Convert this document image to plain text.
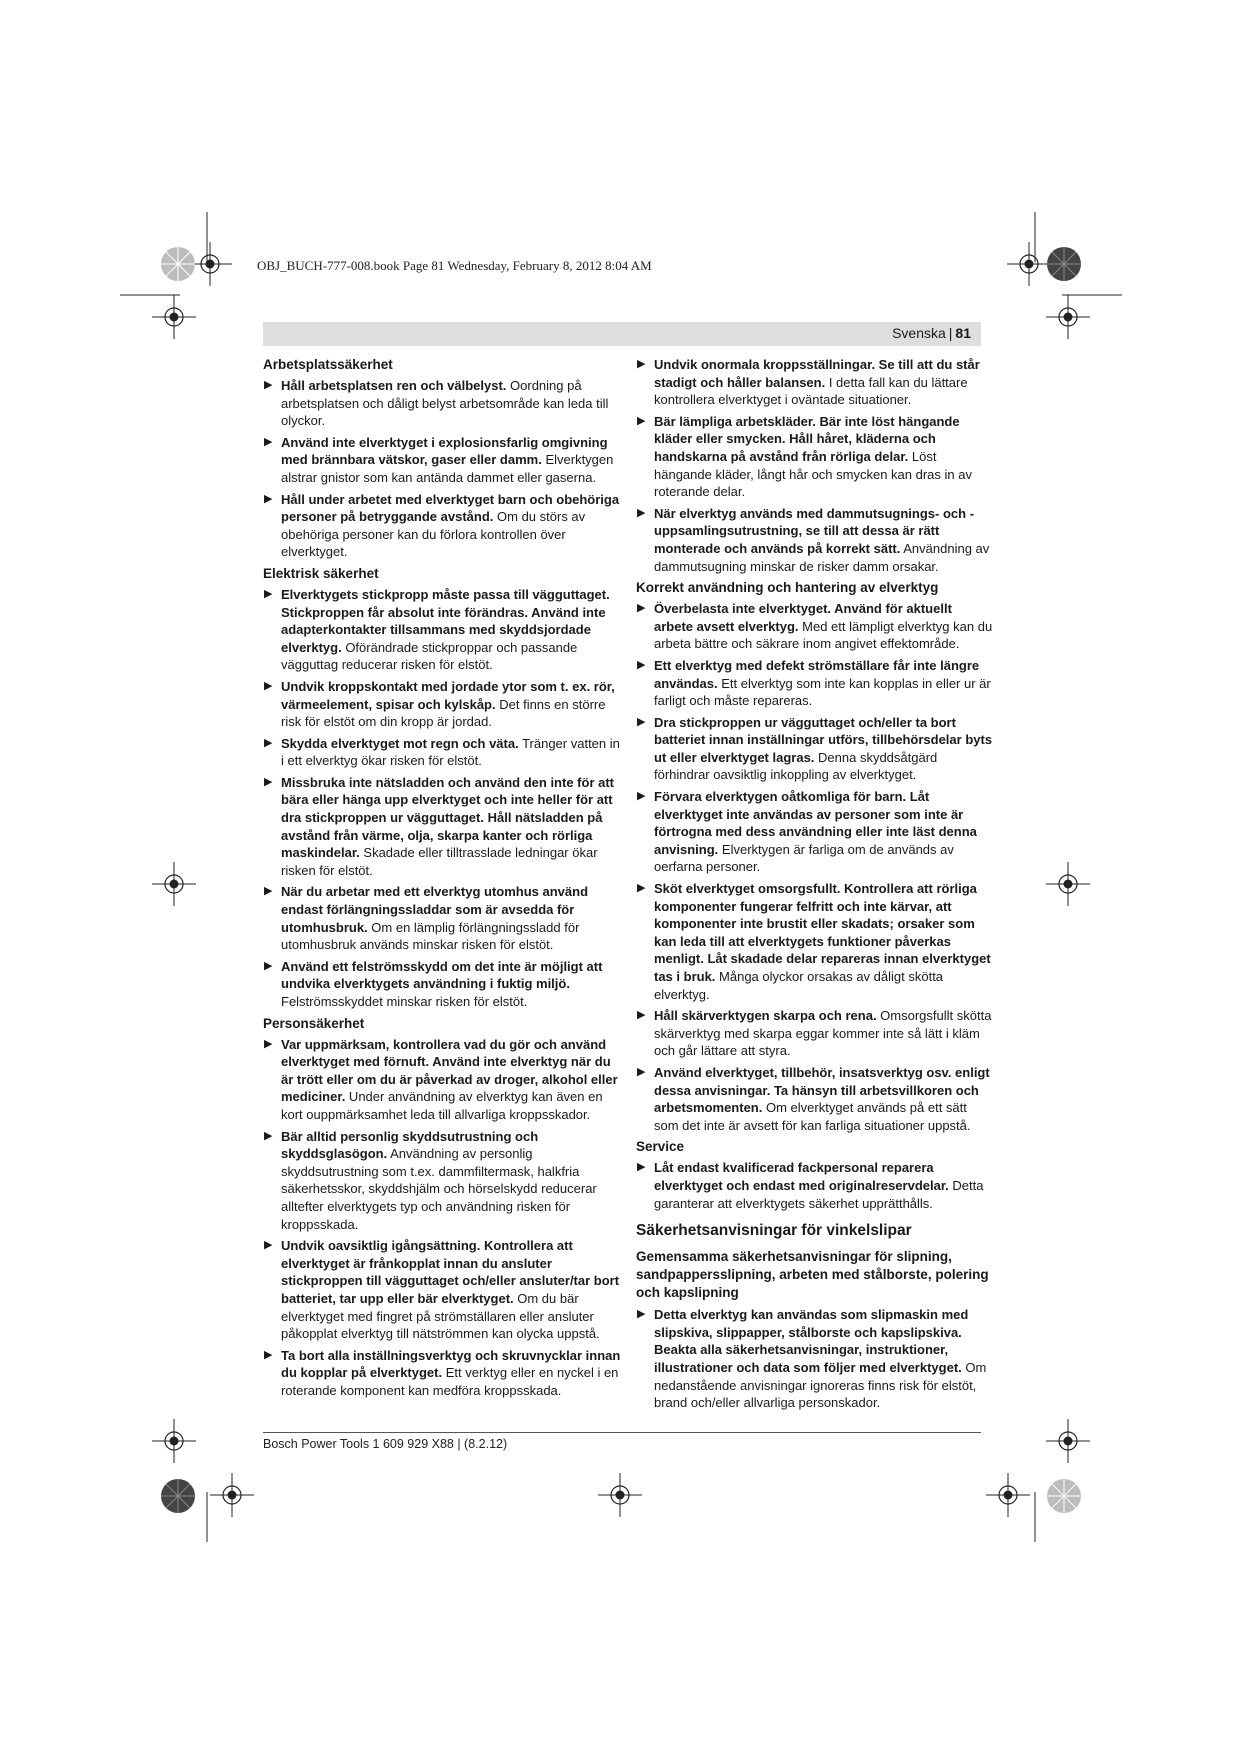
OBJ_BUCH-777-008.book Page 81 Wednesday, February 8, 2012 8:04 AM
Svenska | 81
Arbetsplatssäkerhet
▶ Håll arbetsplatsen ren och välbelyst. Oordning på arbetsplatsen och dåligt belyst arbetsområde kan leda till olyckor.
▶ Använd inte elverktyget i explosionsfarlig omgivning med brännbara vätskor, gaser eller damm. Elverktygen alstrar gnistor som kan antända dammet eller gaserna.
▶ Håll under arbetet med elverktyget barn och obehöriga personer på betryggande avstånd. Om du störs av obehöriga personer kan du förlora kontrollen över elverktyget.
Elektrisk säkerhet
▶ Elverktygets stickpropp måste passa till vägguttaget. Stickproppen får absolut inte förändras. Använd inte adapterkontakter tillsammans med skyddsjordade elverktyg. Oförändrade stickproppar och passande vägguttag reducerar risken för elstöt.
▶ Undvik kroppskontakt med jordade ytor som t. ex. rör, värmeelement, spisar och kylskåp. Det finns en större risk för elstöt om din kropp är jordad.
▶ Skydda elverktyget mot regn och väta. Tränger vatten in i ett elverktyg ökar risken för elstöt.
▶ Missbruka inte nätsladden och använd den inte för att bära eller hänga upp elverktyget och inte heller för att dra stickproppen ur vägguttaget. Håll nätsladden på avstånd från värme, olja, skarpa kanter och rörliga maskindelar. Skadade eller tilltrasslade ledningar ökar risken för elstöt.
▶ När du arbetar med ett elverktyg utomhus använd endast förlängningssladdar som är avsedda för utomhusbruk. Om en lämplig förlängningssladd för utomhusbruk används minskar risken för elstöt.
▶ Använd ett felströmsskydd om det inte är möjligt att undvika elverktygets användning i fuktig miljö. Felströmsskyddet minskar risken för elstöt.
Personsäkerhet
▶ Var uppmärksam, kontrollera vad du gör och använd elverktyget med förnuft. Använd inte elverktyg när du är trött eller om du är påverkad av droger, alkohol eller mediciner. Under användning av elverktyg kan även en kort ouppmärksamhet leda till allvarliga kroppsskador.
▶ Bär alltid personlig skyddsutrustning och skyddsglasögon. Användning av personlig skyddsutrustning som t.ex. dammfiltermask, halkfria säkerhetsskor, skyddshjälm och hörselskydd reducerar alltefter elverktygets typ och användning risken för kroppsskada.
▶ Undvik oavsiktlig igångsättning. Kontrollera att elverktyget är frånkopplat innan du ansluter stickproppen till vägguttaget och/eller ansluter/tar bort batteriet, tar upp eller bär elverktyget. Om du bär elverktyget med fingret på strömställaren eller ansluter påkopplat elverktyg till nätströmmen kan olycka uppstå.
▶ Ta bort alla inställningsverktyg och skruvnycklar innan du kopplar på elverktyget. Ett verktyg eller en nyckel i en roterande komponent kan medföra kroppsskada.
▶ Undvik onormala kroppsställningar. Se till att du står stadigt och håller balansen. I detta fall kan du lättare kontrollera elverktyget i oväntade situationer.
▶ Bär lämpliga arbetskläder. Bär inte löst hängande kläder eller smycken. Håll håret, kläderna och handskarna på avstånd från rörliga delar. Löst hängande kläder, långt hår och smycken kan dras in av roterande delar.
▶ När elverktyg används med dammutsugnings- och -uppsamlingsutrustning, se till att dessa är rätt monterade och används på korrekt sätt. Användning av dammutsugning minskar de risker damm orsakar.
Korrekt användning och hantering av elverktyg
▶ Överbelasta inte elverktyget. Använd för aktuellt arbete avsett elverktyg. Med ett lämpligt elverktyg kan du arbeta bättre och säkrare inom angivet effektområde.
▶ Ett elverktyg med defekt strömställare får inte längre användas. Ett elverktyg som inte kan kopplas in eller ur är farligt och måste repareras.
▶ Dra stickproppen ur vägguttaget och/eller ta bort batteriet innan inställningar utförs, tillbehörsdelar byts ut eller elverktyget lagras. Denna skyddsåtgärd förhindrar oavsiktlig inkoppling av elverktyget.
▶ Förvara elverktygen oåtkomliga för barn. Låt elverktyget inte användas av personer som inte är förtrogna med dess användning eller inte läst denna anvisning. Elverktygen är farliga om de används av oerfarna personer.
▶ Sköt elverktyget omsorgsfullt. Kontrollera att rörliga komponenter fungerar felfritt och inte kärvar, att komponenter inte brustit eller skadats; orsaker som kan leda till att elverktygets funktioner påverkas menligt. Låt skadade delar repareras innan elverktyget tas i bruk. Många olyckor orsakas av dåligt skötta elverktyg.
▶ Håll skärverktygen skarpa och rena. Omsorgsfullt skötta skärverktyg med skarpa eggar kommer inte så lätt i kläm och går lättare att styra.
▶ Använd elverktyget, tillbehör, insatsverktyg osv. enligt dessa anvisningar. Ta hänsyn till arbetsvillkoren och arbetsmomenten. Om elverktyget används på ett sätt som det inte är avsett för kan farliga situationer uppstå.
Service
▶ Låt endast kvalificerad fackpersonal reparera elverktyget och endast med originalreservdelar. Detta garanterar att elverktygets säkerhet upprätthålls.
Säkerhetsanvisningar för vinkelslipar
Gemensamma säkerhetsanvisningar för slipning, sandpappersslipning, arbeten med stålborste, polering och kapslipning
▶ Detta elverktyg kan användas som slipmaskin med slipskiva, slippapper, stålborste och kapslipskiva. Beakta alla säkerhetsanvisningar, instruktioner, illustrationer och data som följer med elverktyget. Om nedanstående anvisningar ignoreras finns risk för elstöt, brand och/eller allvarliga personskador.
Bosch Power Tools 1 609 929 X88 | (8.2.12)
